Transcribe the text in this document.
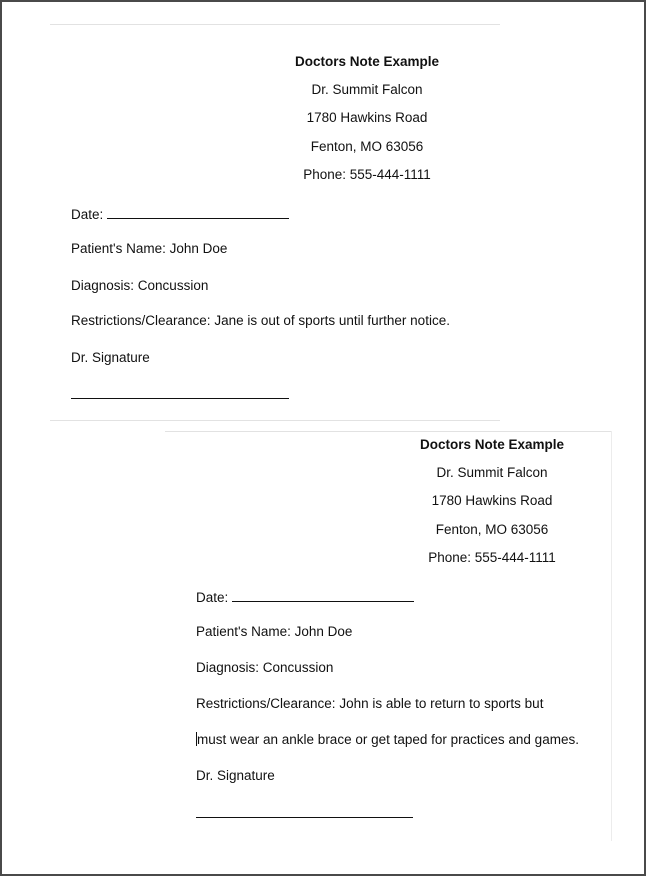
Doctors Note Example
Dr. Summit Falcon
1780 Hawkins Road
Fenton, MO 63056
Phone: 555-444-1111
Date:
Patient's Name: John Doe
Diagnosis: Concussion
Restrictions/Clearance: Jane is out of sports until further notice.
Dr. Signature
Doctors Note Example
Dr. Summit Falcon
1780 Hawkins Road
Fenton, MO 63056
Phone: 555-444-1111
Date:
Patient's Name: John Doe
Diagnosis: Concussion
Restrictions/Clearance: John is able to return to sports but
must wear an ankle brace or get taped for practices and games.
Dr. Signature
